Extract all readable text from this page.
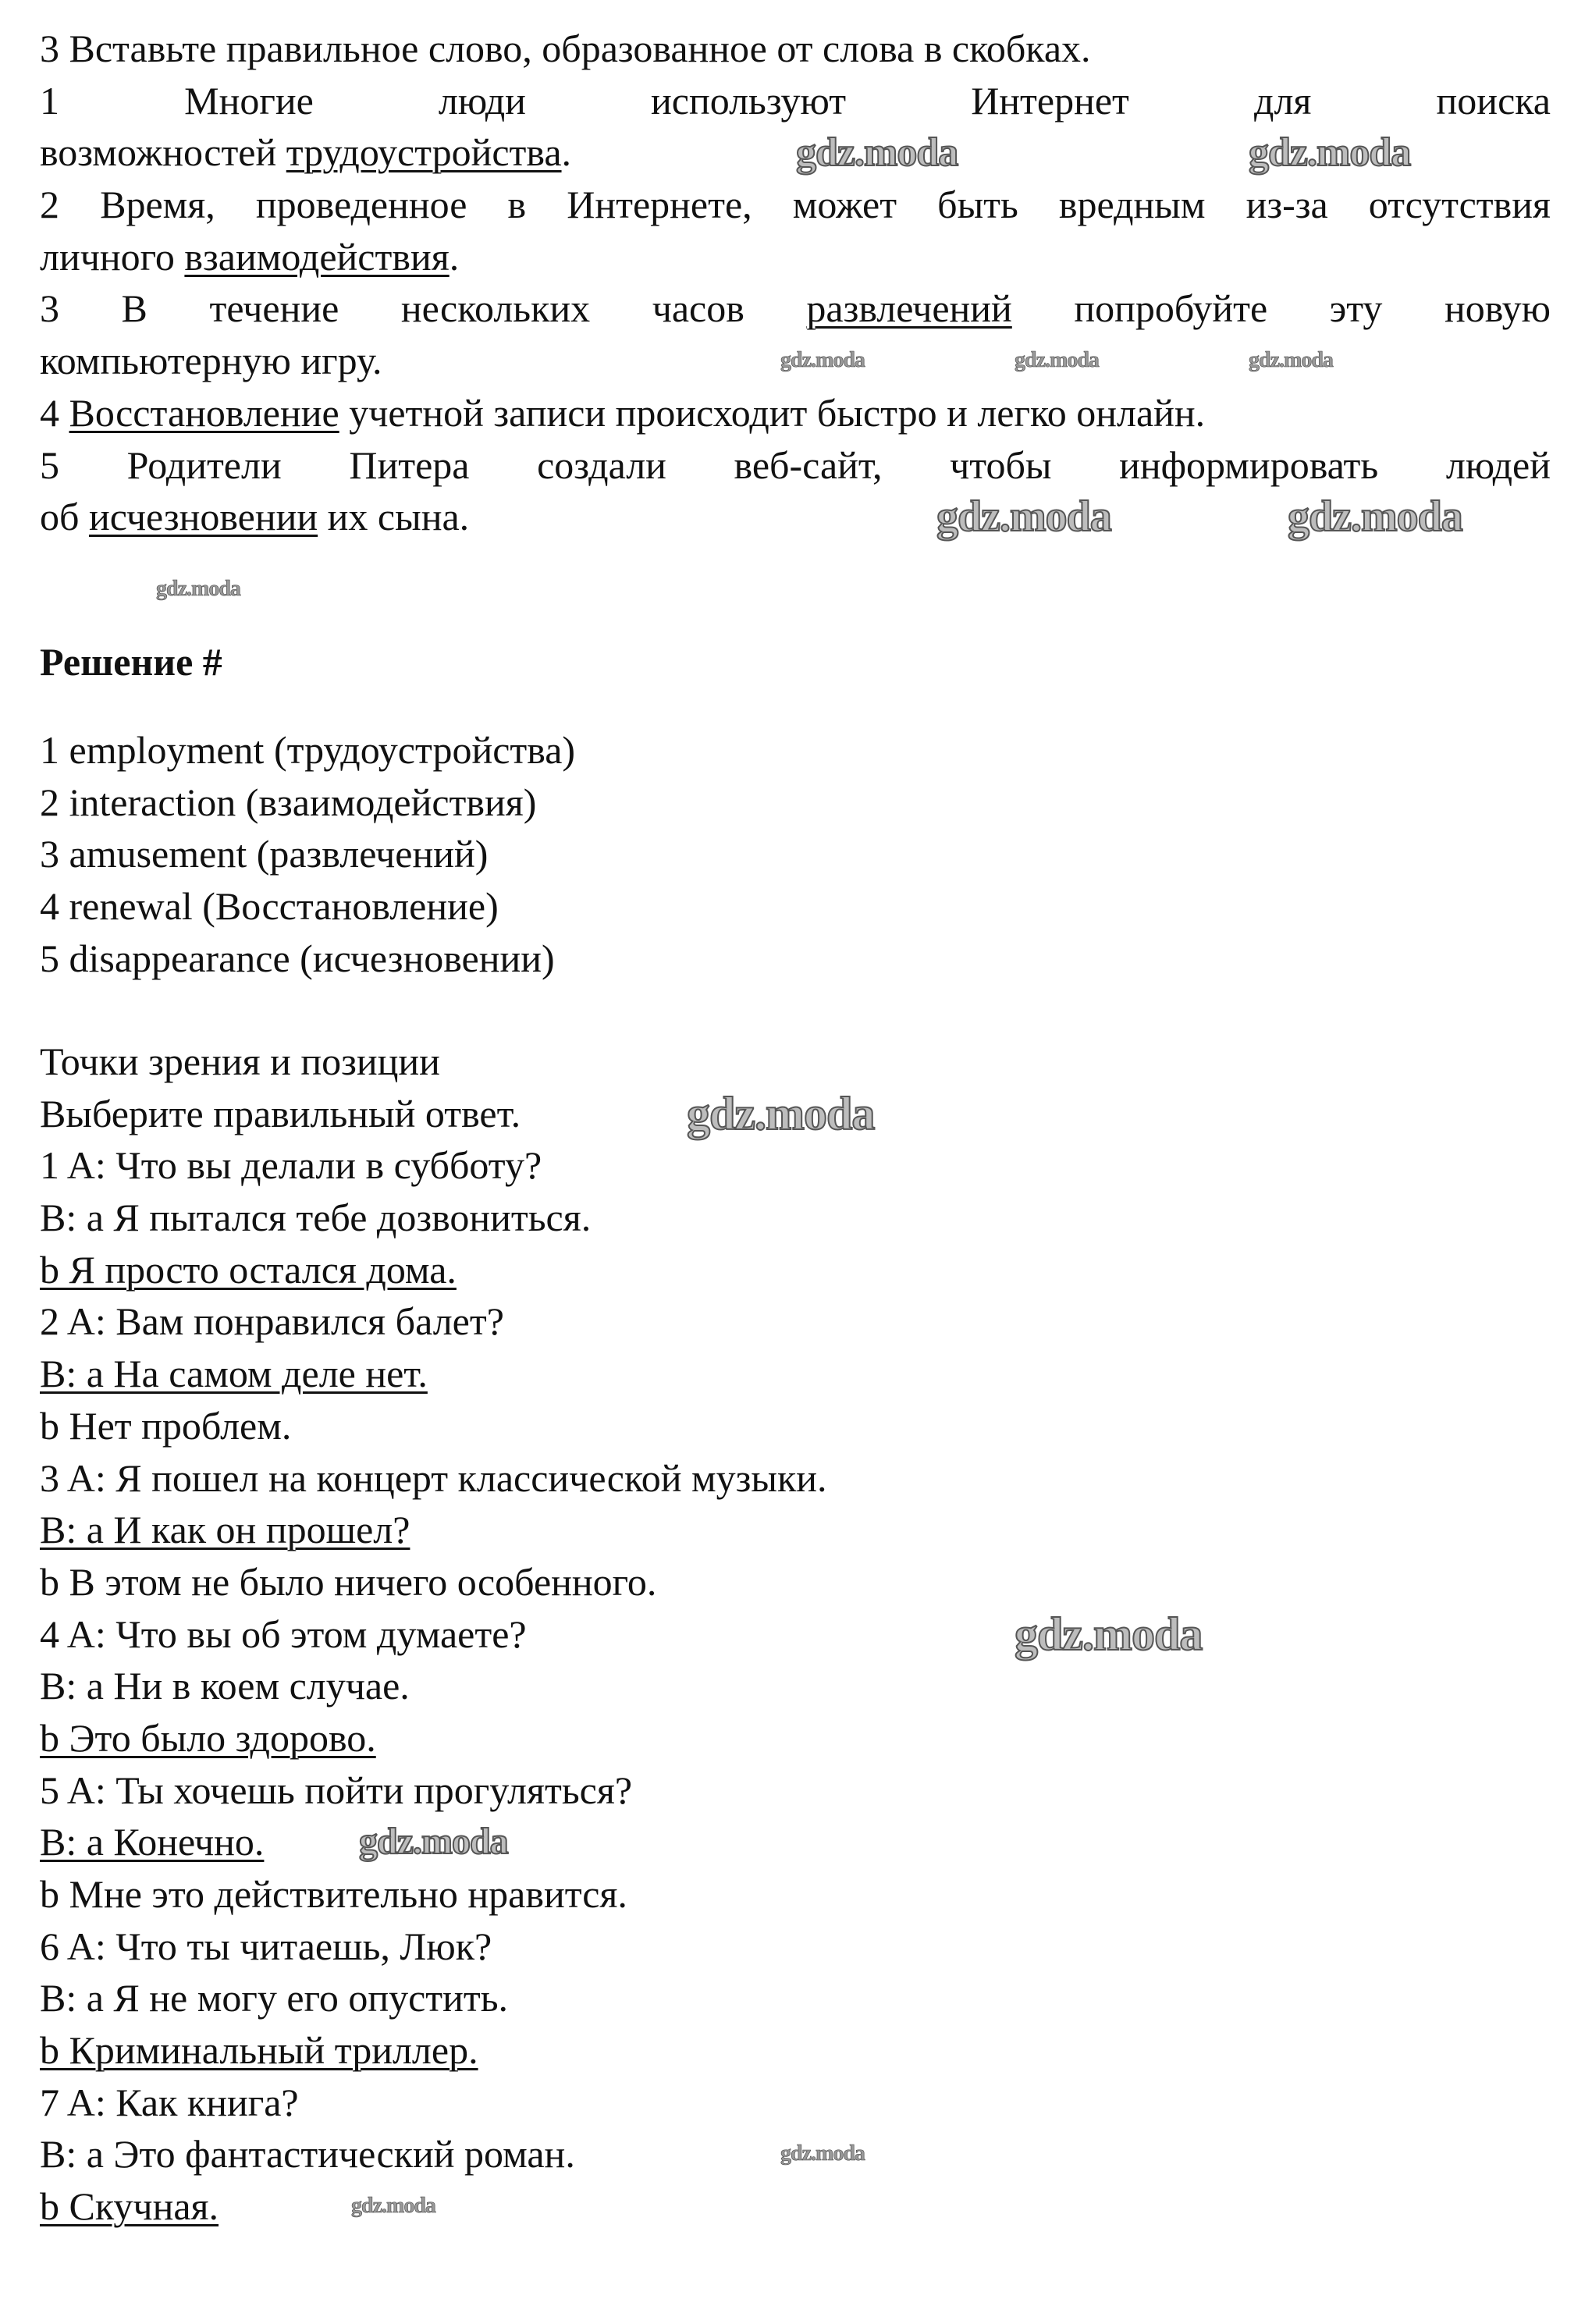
3 Вставьте правильное слово, образованное от слова в скобках.
1 Многие люди используют Интернет для поиска
возможностей трудоустройства.
2 Время, проведенное в Интернете, может быть вредным из-за отсутствия
личного взаимодействия.
3 В течение нескольких часов развлечений попробуйте эту новую
компьютерную игру.
4 Восстановление учетной записи происходит быстро и легко онлайн.
5 Родители Питера создали веб-сайт, чтобы информировать людей
об исчезновении их сына.
Решение #
1 employment (трудоустройства)
2 interaction (взаимодействия)
3 amusement (развлечений)
4 renewal (Восстановление)
5 disappearance (исчезновении)
Точки зрения и позиции
Выберите правильный ответ.
1 A: Что вы делали в субботу?
B: a Я пытался тебе дозвониться.
b Я просто остался дома.
2 A: Вам понравился балет?
B: a На самом деле нет.
b Нет проблем.
3 A: Я пошел на концерт классической музыки.
B: a И как он прошел?
b В этом не было ничего особенного.
4 A: Что вы об этом думаете?
B: a Ни в коем случае.
b Это было здорово.
5 A: Ты хочешь пойти прогуляться?
B: a Конечно.
b Мне это действительно нравится.
6 A: Что ты читаешь, Люк?
B: a Я не могу его опустить.
b Криминальный триллер.
7 A: Как книга?
B: a Это фантастический роман.
b Скучная.
gdz.moda	gdz.moda
gdz.moda	gdz.moda
gdz.moda
gdz.moda
gdz.moda
gdz.moda	gdz.moda	gdz.moda
gdz.moda
gdz.moda
gdz.moda
